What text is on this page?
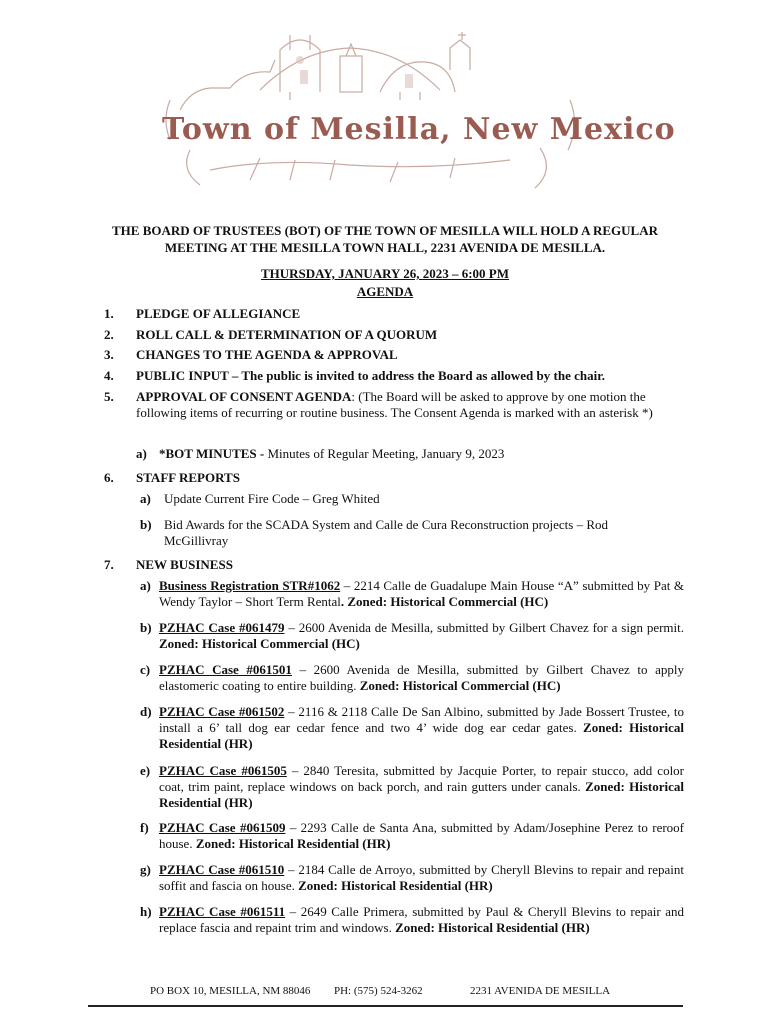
Town of Mesilla, New Mexico
THE BOARD OF TRUSTEES (BOT) OF THE TOWN OF MESILLA WILL HOLD A REGULAR
MEETING AT THE MESILLA TOWN HALL, 2231 AVENIDA DE MESILLA.
THURSDAY, JANUARY 26, 2023 – 6:00 PM
AGENDA
1.	PLEDGE OF ALLEGIANCE
2.	ROLL CALL & DETERMINATION OF A QUORUM
3.	CHANGES TO THE AGENDA & APPROVAL
4.	PUBLIC INPUT – The public is invited to address the Board as allowed by the chair.
5.	APPROVAL OF CONSENT AGENDA: (The Board will be asked to approve by one motion the following items of recurring or routine business. The Consent Agenda is marked with an asterisk *)
a) *BOT MINUTES - Minutes of Regular Meeting, January 9, 2023
6.	STAFF REPORTS
a)	Update Current Fire Code – Greg Whited
b) Bid Awards for the SCADA System and Calle de Cura Reconstruction projects – Rod McGillivray
7.	NEW BUSINESS
a) Business Registration STR#1062 – 2214 Calle de Guadalupe Main House “A” submitted by Pat & Wendy Taylor – Short Term Rental. Zoned: Historical Commercial (HC)
b) PZHAC Case #061479 – 2600 Avenida de Mesilla, submitted by Gilbert Chavez for a sign permit. Zoned: Historical Commercial (HC)
c) PZHAC Case #061501 – 2600 Avenida de Mesilla, submitted by Gilbert Chavez to apply elastomeric coating to entire building. Zoned: Historical Commercial (HC)
d) PZHAC Case #061502 – 2116 & 2118 Calle De San Albino, submitted by Jade Bossert Trustee, to install a 6’ tall dog ear cedar fence and two 4’ wide dog ear cedar gates. Zoned: Historical Residential (HR)
e) PZHAC Case #061505 – 2840 Teresita, submitted by Jacquie Porter, to repair stucco, add color coat, trim paint, replace windows on back porch, and rain gutters under canals. Zoned: Historical Residential (HR)
f) PZHAC Case #061509 – 2293 Calle de Santa Ana, submitted by Adam/Josephine Perez to reroof house. Zoned: Historical Residential (HR)
g) PZHAC Case #061510 – 2184 Calle de Arroyo, submitted by Cheryll Blevins to repair and repaint soffit and fascia on house. Zoned: Historical Residential (HR)
h) PZHAC Case #061511 – 2649 Calle Primera, submitted by Paul & Cheryll Blevins to repair and replace fascia and repaint trim and windows. Zoned: Historical Residential (HR)
PO BOX 10, MESILLA, NM 88046 PH: (575) 524-3262	2231 AVENIDA DE MESILLA
